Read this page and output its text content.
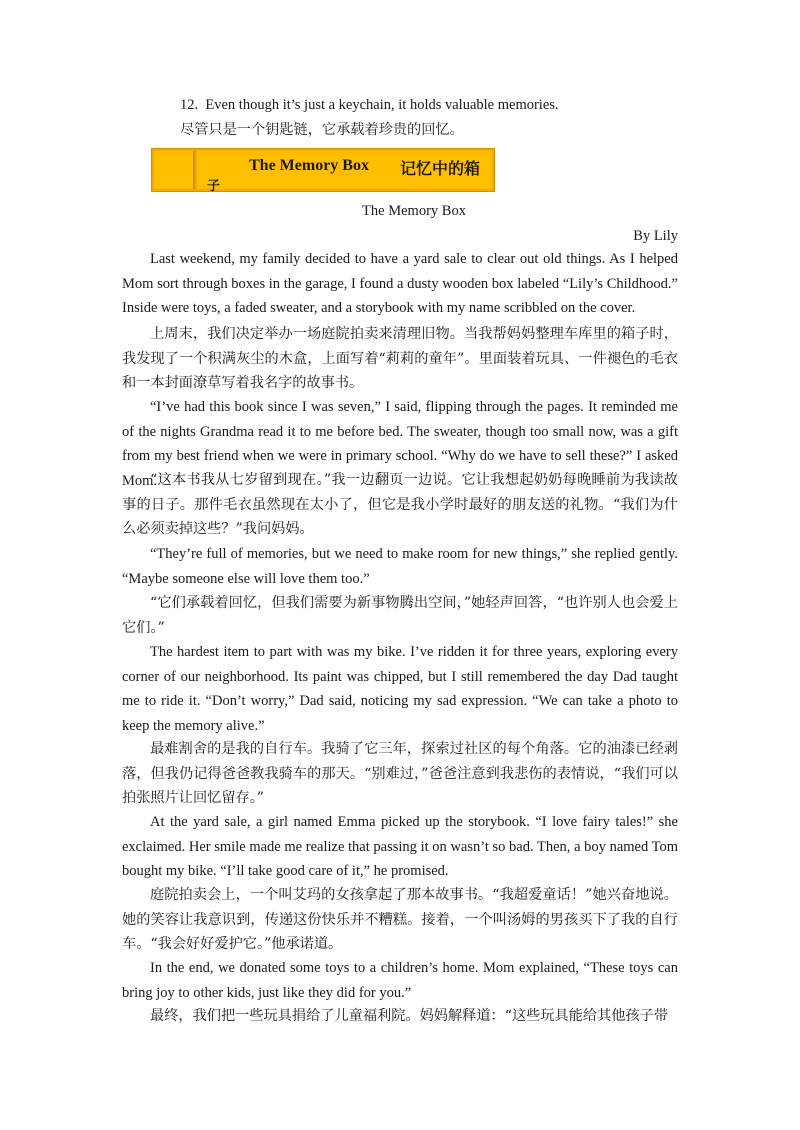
12. Even though it’s just a keychain, it holds valuable memories.
尽管只是一个钥匙链，它承载着珍贵的回忆。
The Memory Box 记忆中的箱
子
The Memory Box
By Lily

Last weekend, my family decided to have a yard sale to clear out old things. As I helped Mom sort through boxes in the garage, I found a dusty wooden box labeled “Lily’s Childhood.” Inside were toys, a faded sweater, and a storybook with my name scribbled on the cover.

上周末，我们决定举办一场庭院拍卖来清理旧物。当我帮妈妈整理车库里的箱子时，我发现了一个积满灰尘的木盒，上面写着“莉莉的童年”。里面装着玩具、一件褪色的毛衣和一本封面潦草写着我名字的故事书。

“I’ve had this book since I was seven,” I said, flipping through the pages. It reminded me of the nights Grandma read it to me before bed. The sweater, though too small now, was a gift from my best friend when we were in primary school. “Why do we have to sell these?” I asked Mom.

“这本书我从七岁留到现在。”我一边翻页一边说。它让我想起奶奶每晚睡前为我读故事的日子。那件毛衣虽然现在太小了，但它是我小学时最好的朋友送的礼物。“我们为什么必须卖掉这些？”我问妈妈。

“They’re full of memories, but we need to make room for new things,” she replied gently. “Maybe someone else will love them too.”

“它们承载着回忆，但我们需要为新事物腾出空间，”她轻声回答，“也许别人也会爱上它们。”

The hardest item to part with was my bike. I’ve ridden it for three years, exploring every corner of our neighborhood. Its paint was chipped, but I still remembered the day Dad taught me to ride it. “Don’t worry,” Dad said, noticing my sad expression. “We can take a photo to keep the memory alive.”

最难割舍的是我的自行车。我骑了它三年，探索过社区的每个角落。它的油漆已经剥落，但我仍记得爸爸教我骑车的那天。“别难过，”爸爸注意到我悲伤的表情说，“我们可以拍张照片让回忆留存。”

At the yard sale, a girl named Emma picked up the storybook. “I love fairy tales!” she exclaimed. Her smile made me realize that passing it on wasn’t so bad. Then, a boy named Tom bought my bike. “I’ll take good care of it,” he promised.

庭院拍卖会上，一个叫艾玛的女孩拿起了那本故事书。“我超爱童话！”她兴奋地说。她的笑容让我意识到，传递这份快乐并不糟糕。接着，一个叫汤姆的男孩买下了我的自行车。“我会好好爱护它。”他承诺道。

In the end, we donated some toys to a children’s home. Mom explained, “These toys can bring joy to other kids, just like they did for you.”

最终，我们把一些玩具捐给了儿童福利院。妈妈解释道：“这些玩具能给其他孩子带
